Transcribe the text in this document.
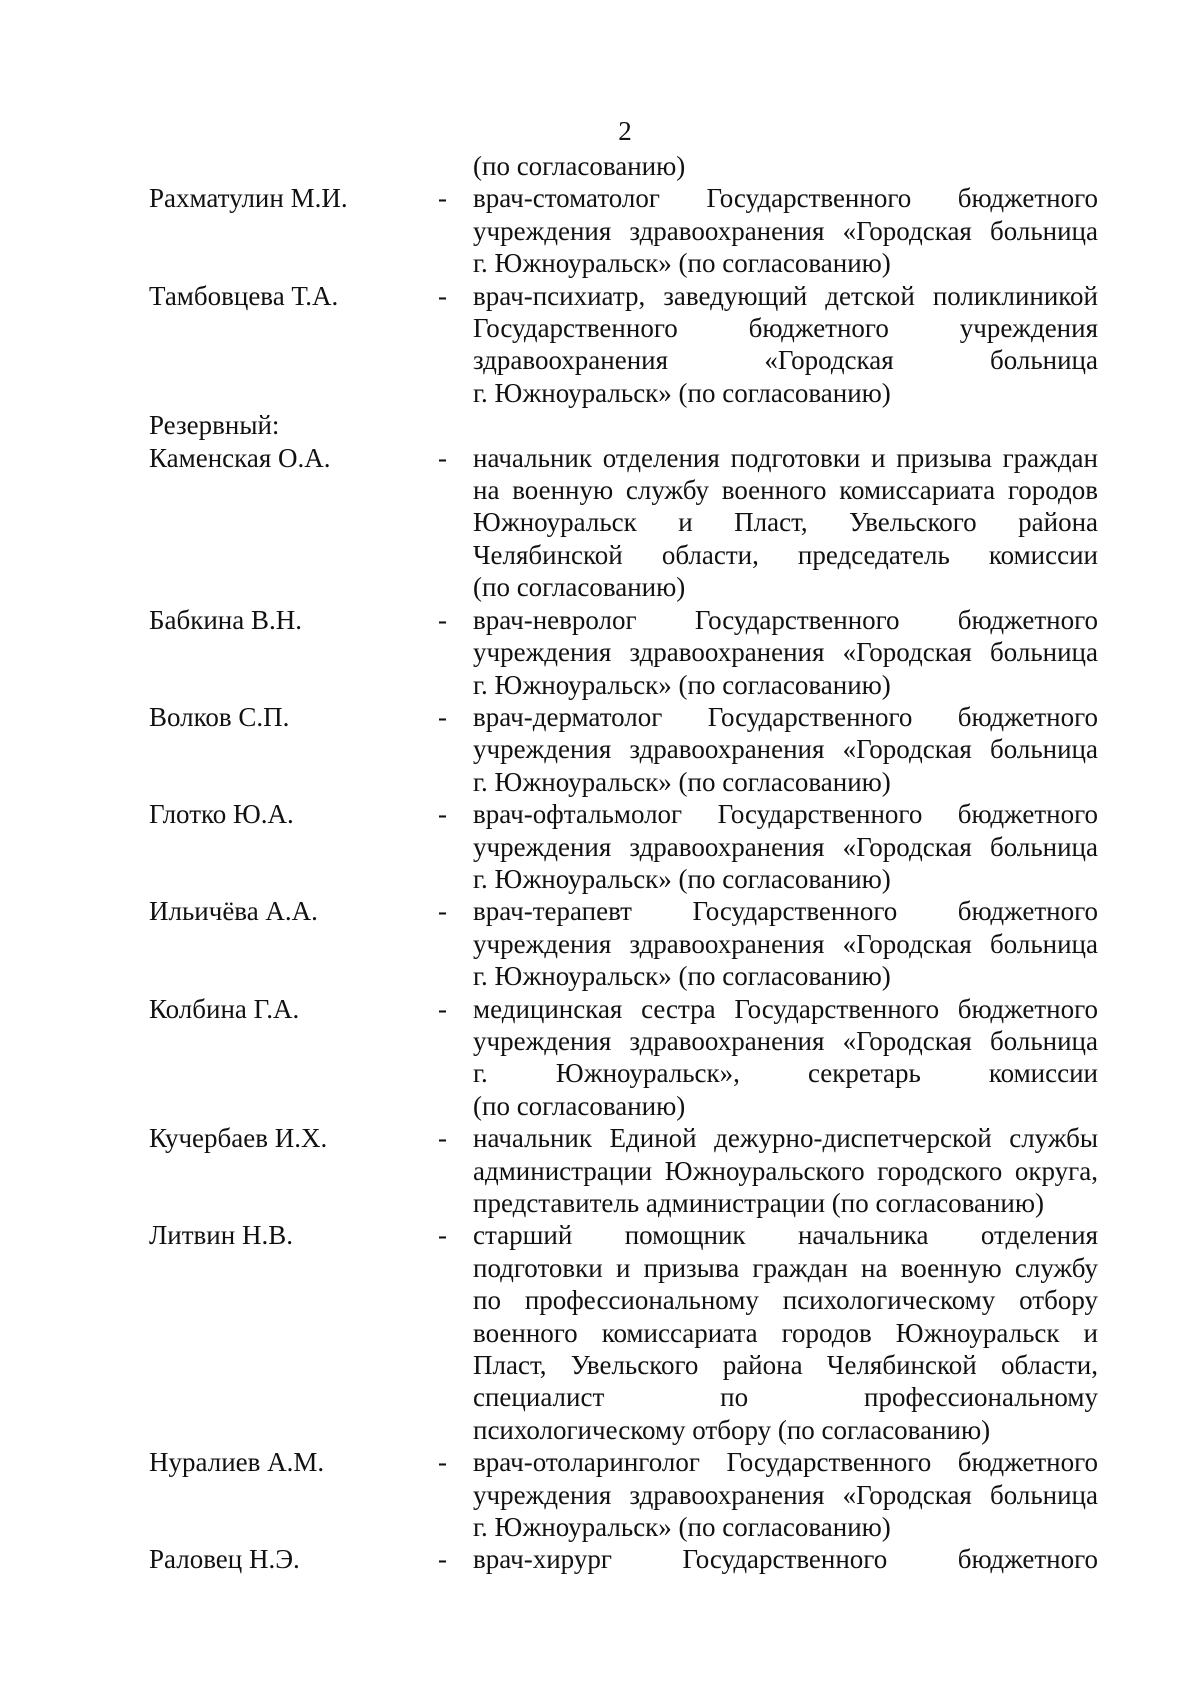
2
(по согласованию)
Рахматулин М.И.	- врач-стоматолог Государственного бюджетного
учреждения здравоохранения «Городская больница
г. Южноуральск» (по согласованию)
Тамбовцева Т.А.	- врач-психиатр, заведующий детской поликлиникой
Государственного бюджетного учреждения
здравоохранения «Городская больница
г. Южноуральск» (по согласованию)
Резервный:
Каменская О.А.	- начальник отделения подготовки и призыва граждан
на военную службу военного комиссариата городов
Южноуральск и Пласт, Увельского района
Челябинской области, председатель комиссии
(по согласованию)
Бабкина В.Н.	- врач-невролог Государственного бюджетного
учреждения здравоохранения «Городская больница
г. Южноуральск» (по согласованию)
Волков С.П.	- врач-дерматолог Государственного бюджетного
учреждения здравоохранения «Городская больница
г. Южноуральск» (по согласованию)
Глотко Ю.А.	- врач-офтальмолог Государственного бюджетного
учреждения здравоохранения «Городская больница
г. Южноуральск» (по согласованию)
Ильичёва А.А.	- врач-терапевт Государственного бюджетного
учреждения здравоохранения «Городская больница
г. Южноуральск» (по согласованию)
Колбина Г.А.	- медицинская сестра Государственного бюджетного
учреждения здравоохранения «Городская больница
г. Южноуральск», секретарь комиссии
(по согласованию)
Кучербаев И.Х.	- начальник Единой дежурно-диспетчерской службы
администрации Южноуральского городского округа,
представитель администрации (по согласованию)
Литвин Н.В.	- старший помощник начальника отделения
подготовки и призыва граждан на военную службу
по профессиональному психологическому отбору
военного комиссариата городов Южноуральск и
Пласт, Увельского района Челябинской области,
специалист по профессиональному
психологическому отбору (по согласованию)
Нуралиев А.М.	- врач-отоларинголог Государственного бюджетного
учреждения здравоохранения «Городская больница
г. Южноуральск» (по согласованию)
Раловец Н.Э.	- врач-хирург Государственного бюджетного
